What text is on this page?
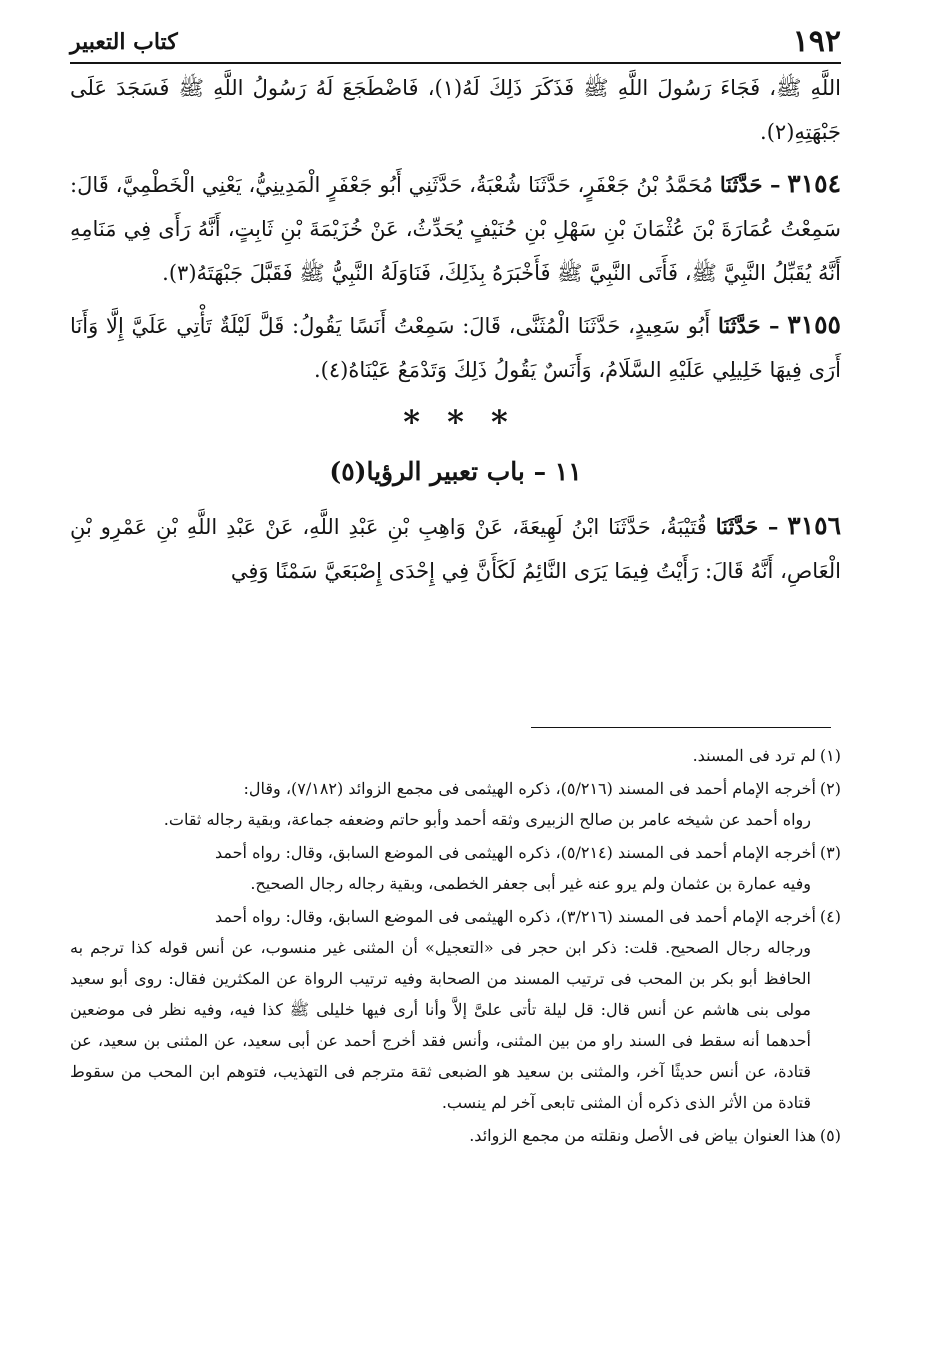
١٩٢
كتاب التعبير

اللَّهِ ﷺ، فَجَاءَ رَسُولَ اللَّهِ ﷺ فَذَكَرَ ذَلِكَ لَهُ(١)، فَاضْطَجَعَ لَهُ رَسُولُ اللَّهِ ﷺ فَسَجَدَ عَلَى جَبْهَتِهِ(٢).

٣١٥٤ – حَدَّثَنَا مُحَمَّدُ بْنُ جَعْفَرٍ، حَدَّثَنَا شُعْبَةُ، حَدَّثَنِي أَبُو جَعْفَرٍ الْمَدِينِيُّ، يَعْنِي الْخَطْمِيَّ، قَالَ: سَمِعْتُ عُمَارَةَ بْنَ عُثْمَانَ بْنِ سَهْلِ بْنِ حُنَيْفٍ يُحَدِّثُ، عَنْ خُزَيْمَةَ بْنِ ثَابِتٍ، أَنَّهُ رَأَى فِي مَنَامِهِ أَنَّهُ يُقَبِّلُ النَّبِيَّ ﷺ، فَأَتَى النَّبِيَّ ﷺ فَأَخْبَرَهُ بِذَلِكَ، فَنَاوَلَهُ النَّبِيُّ ﷺ فَقَبَّلَ جَبْهَتَهُ(٣).

٣١٥٥ – حَدَّثَنَا أَبُو سَعِيدٍ، حَدَّثَنَا الْمُثَنَّى، قَالَ: سَمِعْتُ أَنَسًا يَقُولُ: قَلَّ لَيْلَةٌ تَأْتِي عَلَيَّ إِلَّا وَأَنَا أَرَى فِيهَا خَلِيلِي عَلَيْهِ السَّلَامُ، وَأَنَسٌ يَقُولُ ذَلِكَ وَتَدْمَعُ عَيْنَاهُ(٤).

* * *
١١ – باب تعبير الرؤيا(٥)

٣١٥٦ – حَدَّثَنَا قُتَيْبَةُ، حَدَّثَنَا ابْنُ لَهِيعَةَ، عَنْ وَاهِبِ بْنِ عَبْدِ اللَّهِ، عَنْ عَبْدِ اللَّهِ بْنِ عَمْرِو بْنِ الْعَاصِ، أَنَّهُ قَالَ: رَأَيْتُ فِيمَا يَرَى النَّائِمُ لَكَأَنَّ فِي إِحْدَى إِصْبَعَيَّ سَمْنًا وَفِي

(١)لم ترد فى المسند.

(٢)أخرجه الإمام أحمد فى المسند (٥/٢١٦)، ذكره الهيثمى فى مجمع الزوائد (٧/١٨٢)، وقال:

رواه أحمد عن شيخه عامر بن صالح الزبيرى وثقه أحمد وأبو حاتم وضعفه جماعة، وبقية رجاله ثقات.

(٣)أخرجه الإمام أحمد فى المسند (٥/٢١٤)، ذكره الهيثمى فى الموضع السابق، وقال: رواه أحمد

وفيه عمارة بن عثمان ولم يرو عنه غير أبى جعفر الخطمى، وبقية رجاله رجال الصحيح.

(٤)أخرجه الإمام أحمد فى المسند (٣/٢١٦)، ذكره الهيثمى فى الموضع السابق، وقال: رواه أحمد

ورجاله رجال الصحيح. قلت: ذكر ابن حجر فى «التعجيل» أن المثنى غير منسوب، عن أنس قوله كذا ترجم به الحافظ أبو بكر بن المحب فى ترتيب المسند من الصحابة وفيه ترتيب الرواة عن المكثرين فقال: روى أبو سعيد مولى بنى هاشم عن أنس قال: قل ليلة تأتى علىَّ إلاَّ وأنا أرى فيها خليلى ﷺ كذا فيه، وفيه نظر فى موضعين أحدهما أنه سقط فى السند راو من بين المثنى، وأنس فقد أخرج أحمد عن أبى سعيد، عن المثنى بن سعيد، عن قتادة، عن أنس حديثًا آخر، والمثنى بن سعيد هو الضبعى ثقة مترجم فى التهذيب، فتوهم ابن المحب من سقوط قتادة من الأثر الذى ذكره أن المثنى تابعى آخر لم ينسب.

(٥)هذا العنوان بياض فى الأصل ونقلته من مجمع الزوائد.
